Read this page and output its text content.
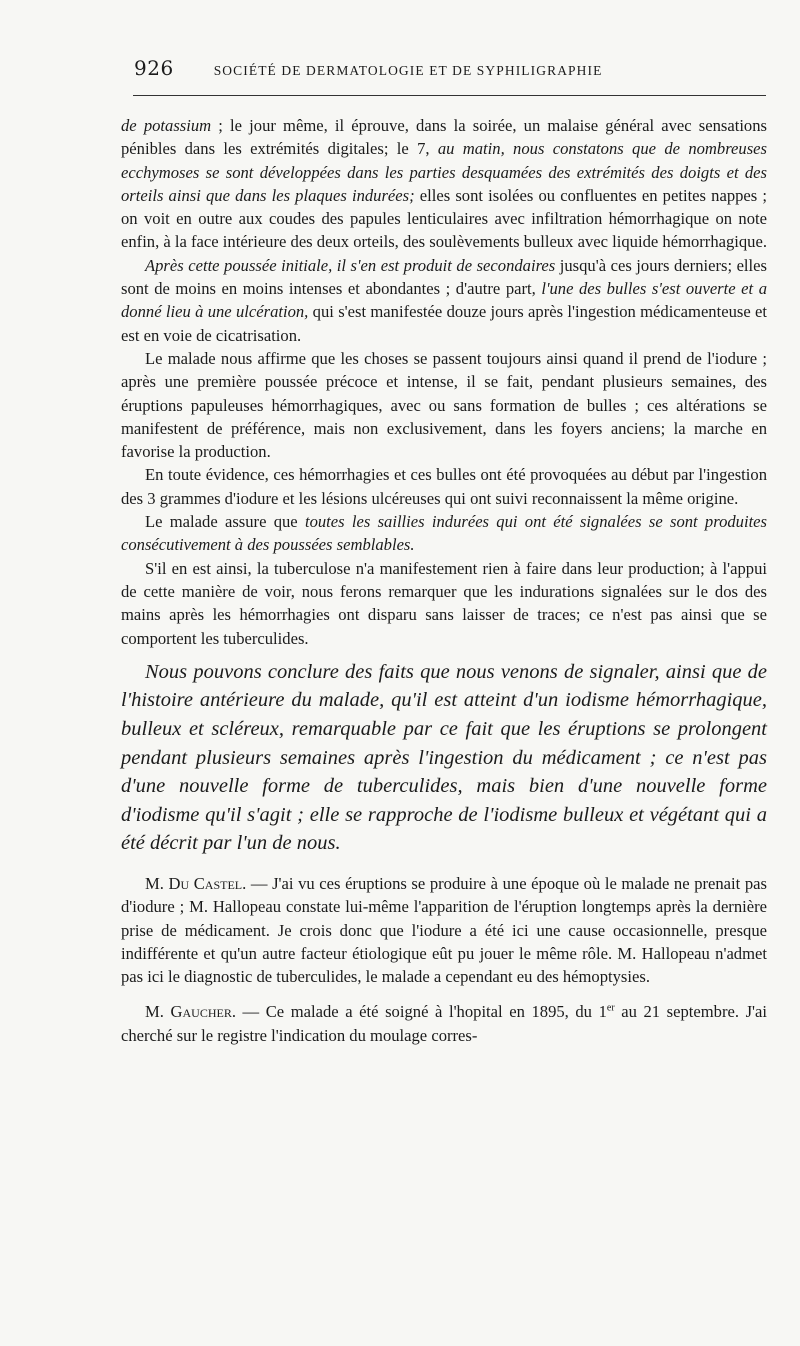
926	SOCIÉTÉ DE DERMATOLOGIE ET DE SYPHILIGRAPHIE

de potassium ; le jour même, il éprouve, dans la soirée, un malaise général avec sensations pénibles dans les extrémités digitales; le 7, au matin, nous constatons que de nombreuses ecchymoses se sont développées dans les parties desquamées des extrémités des doigts et des orteils ainsi que dans les plaques indurées; elles sont isolées ou confluentes en petites nappes ; on voit en outre aux coudes des papules lenticulaires avec infiltration hémorrhagique on note enfin, à la face intérieure des deux orteils, des soulèvements bulleux avec liquide hémorrhagique.

Après cette poussée initiale, il s'en est produit de secondaires jusqu'à ces jours derniers; elles sont de moins en moins intenses et abondantes ; d'autre part, l'une des bulles s'est ouverte et a donné lieu à une ulcération, qui s'est manifestée douze jours après l'ingestion médicamenteuse et est en voie de cicatrisation.

Le malade nous affirme que les choses se passent toujours ainsi quand il prend de l'iodure ; après une première poussée précoce et intense, il se fait, pendant plusieurs semaines, des éruptions papuleuses hémorrhagiques, avec ou sans formation de bulles ; ces altérations se manifestent de préférence, mais non exclusivement, dans les foyers anciens; la marche en favorise la production.

En toute évidence, ces hémorrhagies et ces bulles ont été provoquées au début par l'ingestion des 3 grammes d'iodure et les lésions ulcéreuses qui ont suivi reconnaissent la même origine.

Le malade assure que toutes les saillies indurées qui ont été signalées se sont produites consécutivement à des poussées semblables.

S'il en est ainsi, la tuberculose n'a manifestement rien à faire dans leur production; à l'appui de cette manière de voir, nous ferons remarquer que les indurations signalées sur le dos des mains après les hémorrhagies ont disparu sans laisser de traces; ce n'est pas ainsi que se comportent les tuberculides.

Nous pouvons conclure des faits que nous venons de signaler, ainsi que de l'histoire antérieure du malade, qu'il est atteint d'un iodisme hémorrhagique, bulleux et scléreux, remarquable par ce fait que les éruptions se prolongent pendant plusieurs semaines après l'ingestion du médicament ; ce n'est pas d'une nouvelle forme de tuberculides, mais bien d'une nouvelle forme d'iodisme qu'il s'agit ; elle se rapproche de l'iodisme bulleux et végétant qui a été décrit par l'un de nous.

M. Du Castel. — J'ai vu ces éruptions se produire à une époque où le malade ne prenait pas d'iodure ; M. Hallopeau constate lui-même l'apparition de l'éruption longtemps après la dernière prise de médicament. Je crois donc que l'iodure a été ici une cause occasionnelle, presque indifférente et qu'un autre facteur étiologique eût pu jouer le même rôle. M. Hallopeau n'admet pas ici le diagnostic de tuberculides, le malade a cependant eu des hémoptysies.

M. Gaucher. — Ce malade a été soigné à l'hopital en 1895, du 1er au 21 septembre. J'ai cherché sur le registre l'indication du moulage corres-
